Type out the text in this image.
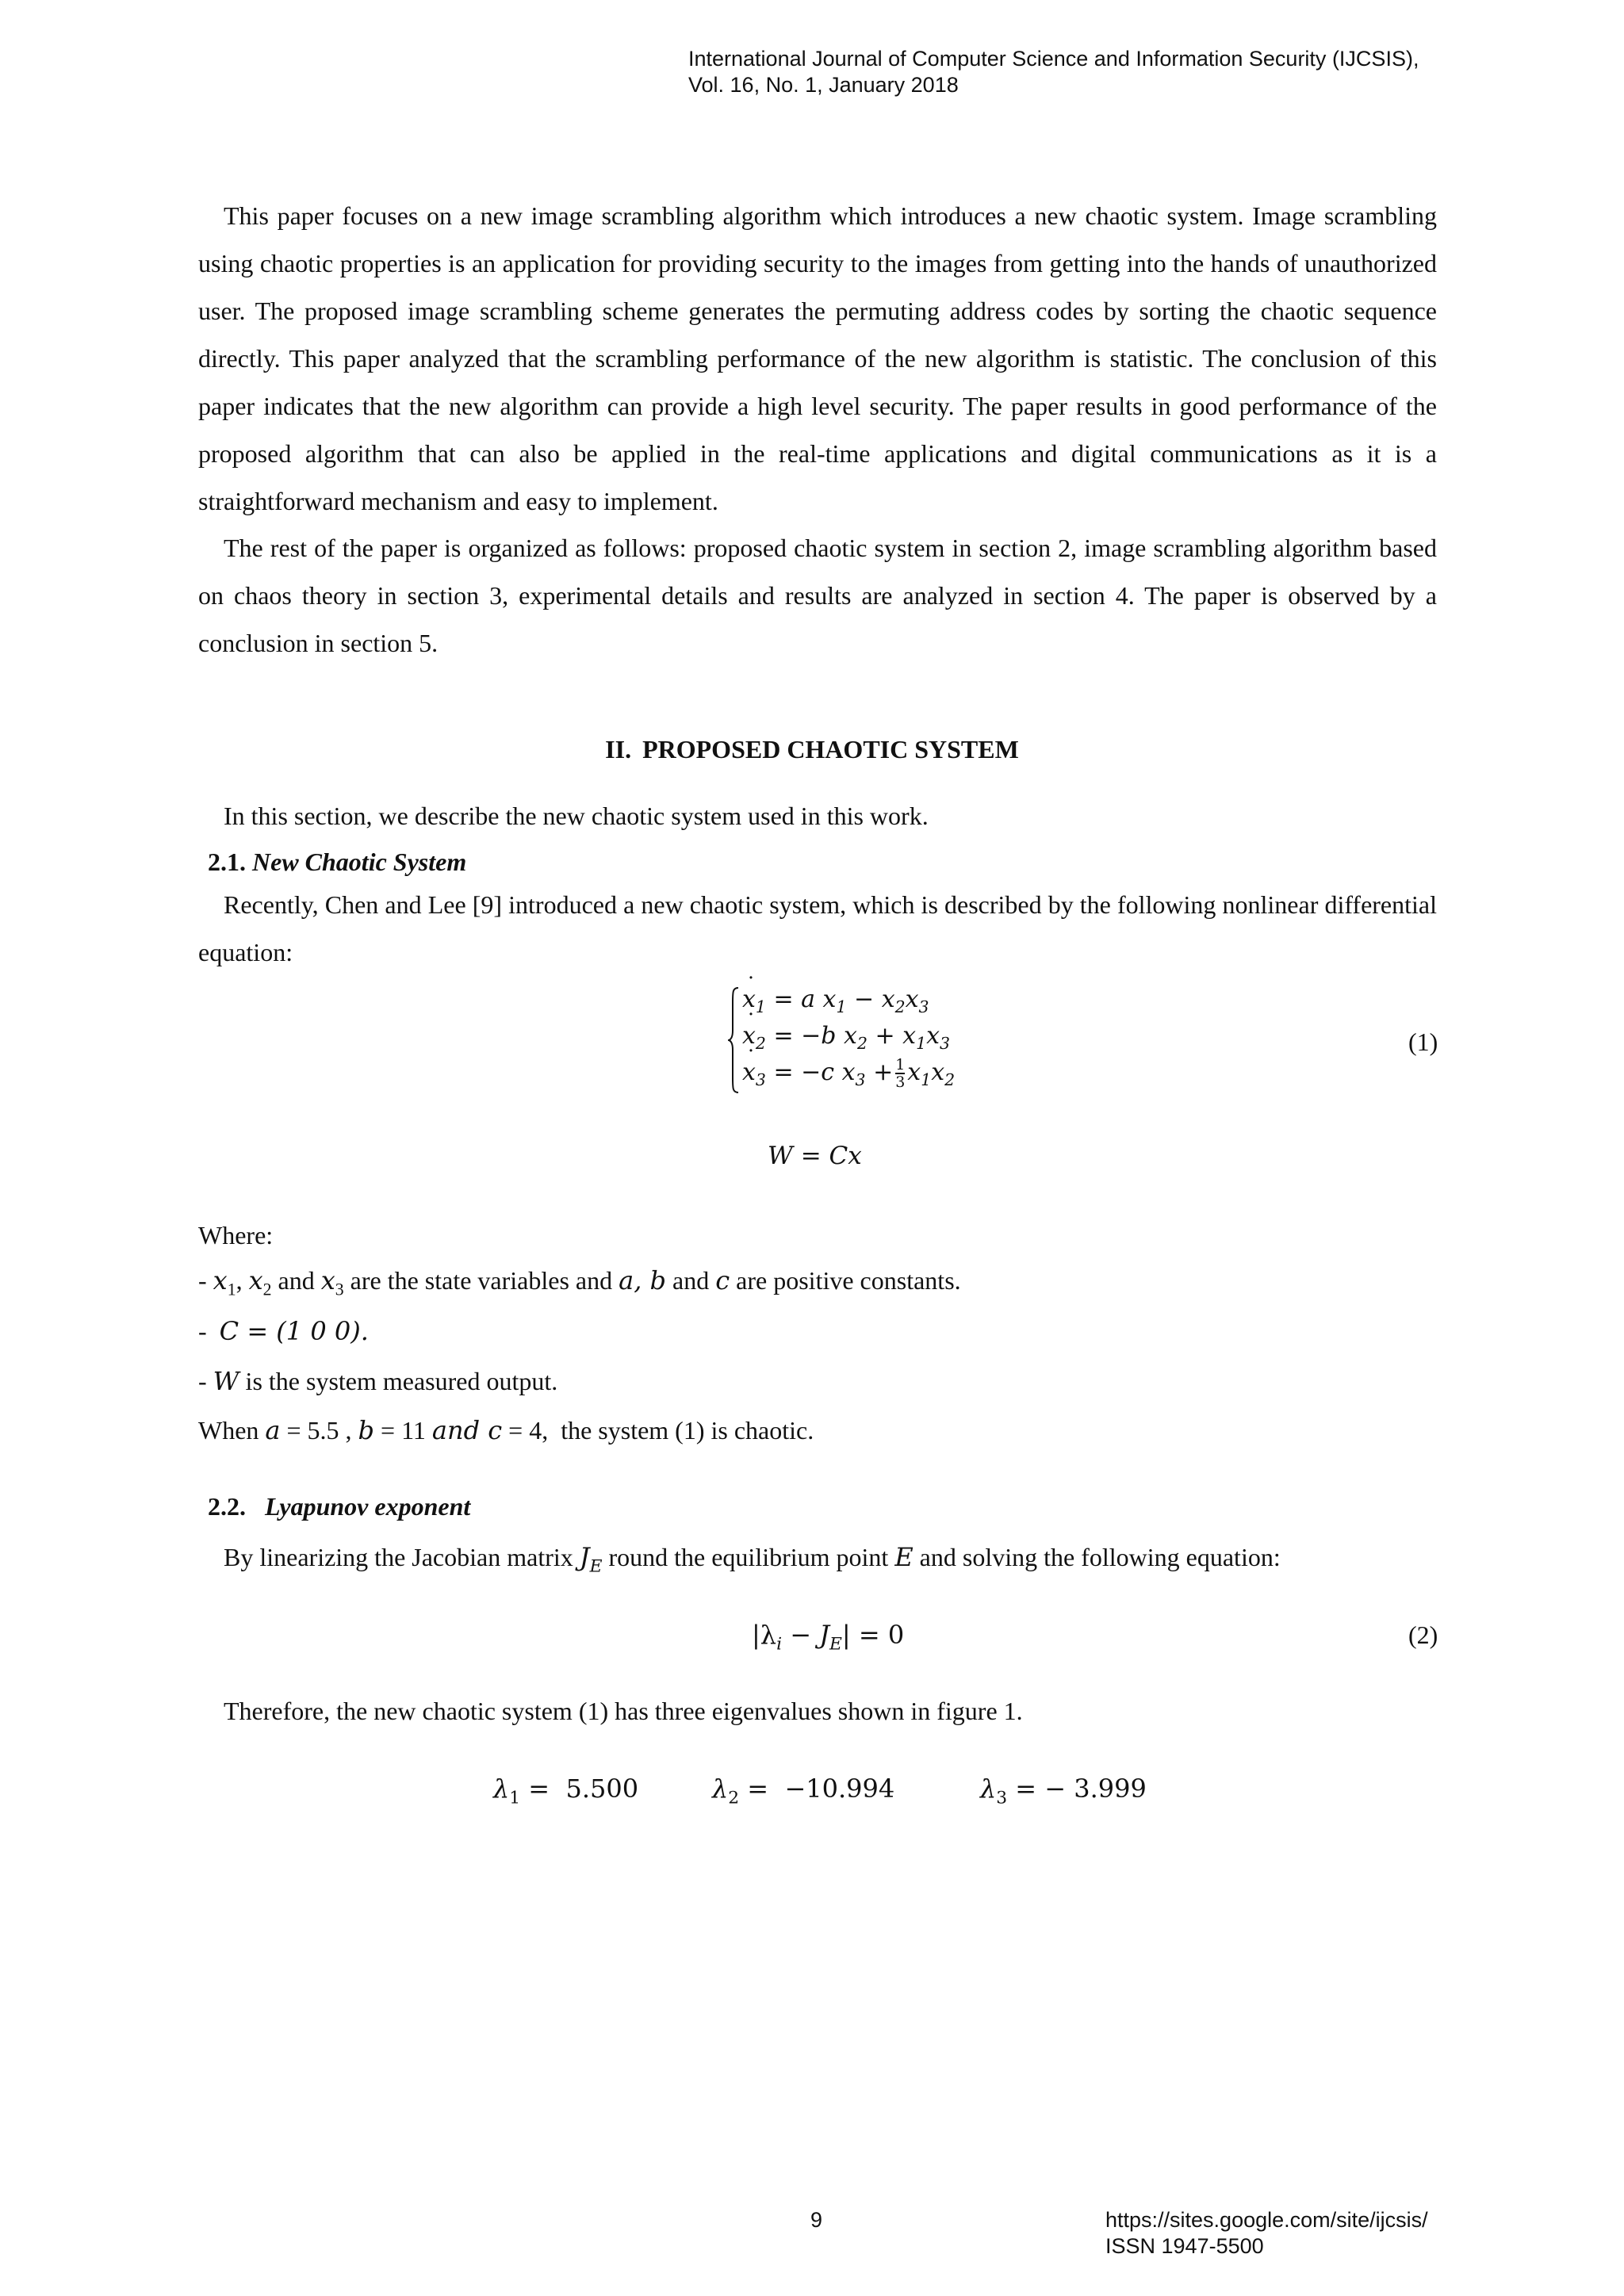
International Journal of Computer Science and Information Security (IJCSIS),
Vol. 16, No. 1, January 2018

This paper focuses on a new image scrambling algorithm which introduces a new chaotic system. Image scrambling using chaotic properties is an application for providing security to the images from getting into the hands of unauthorized user. The proposed image scrambling scheme generates the permuting address codes by sorting the chaotic sequence directly. This paper analyzed that the scrambling performance of the new algorithm is statistic. The conclusion of this paper indicates that the new algorithm can provide a high level security. The paper results in good performance of the proposed algorithm that can also be applied in the real-time applications and digital communications as it is a straightforward mechanism and easy to implement.

The rest of the paper is organized as follows: proposed chaotic system in section 2, image scrambling algorithm based on chaos theory in section 3, experimental details and results are analyzed in section 4. The paper is observed by a conclusion in section 5.

II. PROPOSED CHAOTIC SYSTEM
In this section, we describe the new chaotic system used in this work.
2.1. New Chaotic System

Recently, Chen and Lee [9] introduced a new chaotic system, which is described by the following nonlinear differential equation:

x $˙_1 = a$ $x_1 - x_2x_3$
x $˙_2 = -b$ $x_2 + x_1x_3$
x $˙_3 = -c$ $x_3 + \frac{1}{3} x_1x_2$
(1)
W = Cx
Where:
- $x_1$, $x_2$ and $x_3$ are the state variables and a, b and c are positive constants.
-  C = (1 0 0).
- W is the system measured output.
When a = 5.5 , b = 11 and c = 4,  the system (1) is chaotic.
2.2. Lyapunov exponent
By linearizing the Jacobian matrix $J_E$ round the equilibrium point E and solving the following equation:
$|\lambda_i - J_E| = 0$	(2)
Therefore, the new chaotic system (1) has three eigenvalues shown in figure 1.
$\lambda_1 = 5.500$	$\lambda_2 = -10.994$	$\lambda_3$ = − 3.999
9	https://sites.google.com/site/ijcsis/
ISSN 1947-5500
